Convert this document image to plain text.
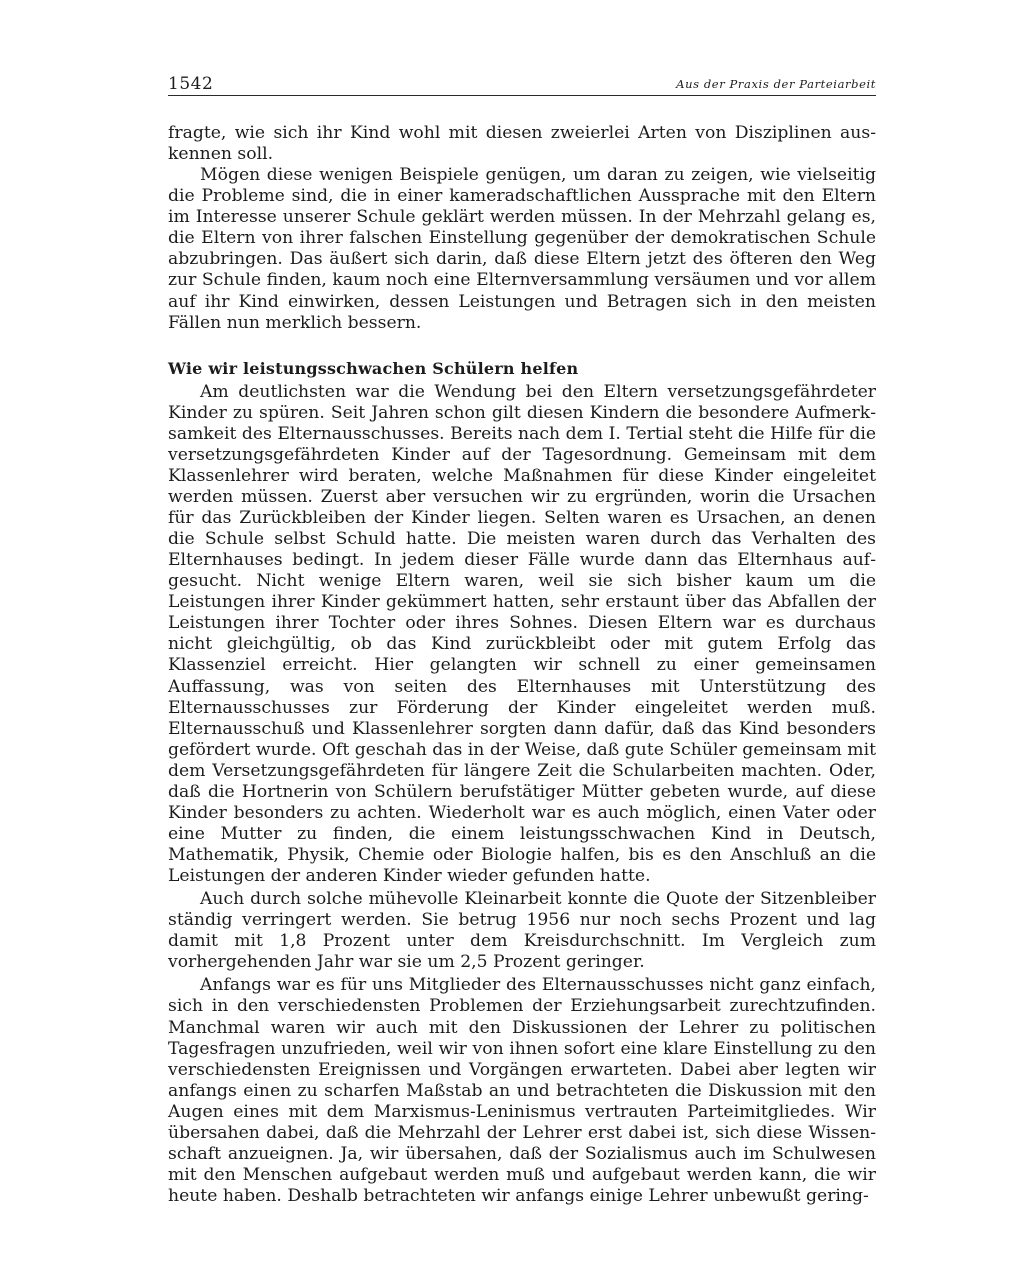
1542	Aus der Praxis der Parteiarbeit

fragte, wie sich ihr Kind wohl mit diesen zweierlei Arten von Disziplinen auskennen soll.

Mögen diese wenigen Beispiele genügen, um daran zu zeigen, wie vielseitig die Probleme sind, die in einer kameradschaftlichen Aussprache mit den Eltern im Interesse unserer Schule geklärt werden müssen. In der Mehrzahl gelang es, die Eltern von ihrer falschen Einstellung gegenüber der demokratischen Schule abzubringen. Das äußert sich darin, daß diese Eltern jetzt des öfteren den Weg zur Schule finden, kaum noch eine Elternversammlung versäumen und vor allem auf ihr Kind einwirken, dessen Leistungen und Betragen sich in den meisten Fällen nun merklich bessern.

Wie wir leistungsschwachen Schülern helfen

Am deutlichsten war die Wendung bei den Eltern versetzungsgefährdeter Kinder zu spüren. Seit Jahren schon gilt diesen Kindern die besondere Aufmerksamkeit des Elternausschusses. Bereits nach dem I. Tertial steht die Hilfe für die versetzungsgefährdeten Kinder auf der Tagesordnung. Gemeinsam mit dem Klassenlehrer wird beraten, welche Maßnahmen für diese Kinder eingeleitet werden müssen. Zuerst aber versuchen wir zu ergründen, worin die Ursachen für das Zurückbleiben der Kinder liegen. Selten waren es Ursachen, an denen die Schule selbst Schuld hatte. Die meisten waren durch das Verhalten des Elternhauses bedingt. In jedem dieser Fälle wurde dann das Elternhaus aufgesucht. Nicht wenige Eltern waren, weil sie sich bisher kaum um die Leistungen ihrer Kinder gekümmert hatten, sehr erstaunt über das Abfallen der Leistungen ihrer Tochter oder ihres Sohnes. Diesen Eltern war es durchaus nicht gleichgültig, ob das Kind zurückbleibt oder mit gutem Erfolg das Klassenziel erreicht. Hier gelangten wir schnell zu einer gemeinsamen Auffassung, was von seiten des Elternhauses mit Unterstützung des Elternausschusses zur Förderung der Kinder eingeleitet werden muß. Elternausschuß und Klassenlehrer sorgten dann dafür, daß das Kind besonders gefördert wurde. Oft geschah das in der Weise, daß gute Schüler gemeinsam mit dem Versetzungsgefährdeten für längere Zeit die Schularbeiten machten. Oder, daß die Hortnerin von Schülern berufstätiger Mütter gebeten wurde, auf diese Kinder besonders zu achten. Wiederholt war es auch möglich, einen Vater oder eine Mutter zu finden, die einem leistungsschwachen Kind in Deutsch, Mathematik, Physik, Chemie oder Biologie halfen, bis es den Anschluß an die Leistungen der anderen Kinder wieder gefunden hatte.

Auch durch solche mühevolle Kleinarbeit konnte die Quote der Sitzenbleiber ständig verringert werden. Sie betrug 1956 nur noch sechs Prozent und lag damit mit 1,8 Prozent unter dem Kreisdurchschnitt. Im Vergleich zum vorhergehenden Jahr war sie um 2,5 Prozent geringer.

Anfangs war es für uns Mitglieder des Elternausschusses nicht ganz einfach, sich in den verschiedensten Problemen der Erziehungsarbeit zurechtzufinden. Manchmal waren wir auch mit den Diskussionen der Lehrer zu politischen Tagesfragen unzufrieden, weil wir von ihnen sofort eine klare Einstellung zu den verschiedensten Ereignissen und Vorgängen erwarteten. Dabei aber legten wir anfangs einen zu scharfen Maßstab an und betrachteten die Diskussion mit den Augen eines mit dem Marxismus-Leninismus vertrauten Parteimitgliedes. Wir übersahen dabei, daß die Mehrzahl der Lehrer erst dabei ist, sich diese Wissenschaft anzueignen. Ja, wir übersahen, daß der Sozialismus auch im Schulwesen mit den Menschen aufgebaut werden muß und aufgebaut werden kann, die wir heute haben. Deshalb betrachteten wir anfangs einige Lehrer unbewußt gering-
